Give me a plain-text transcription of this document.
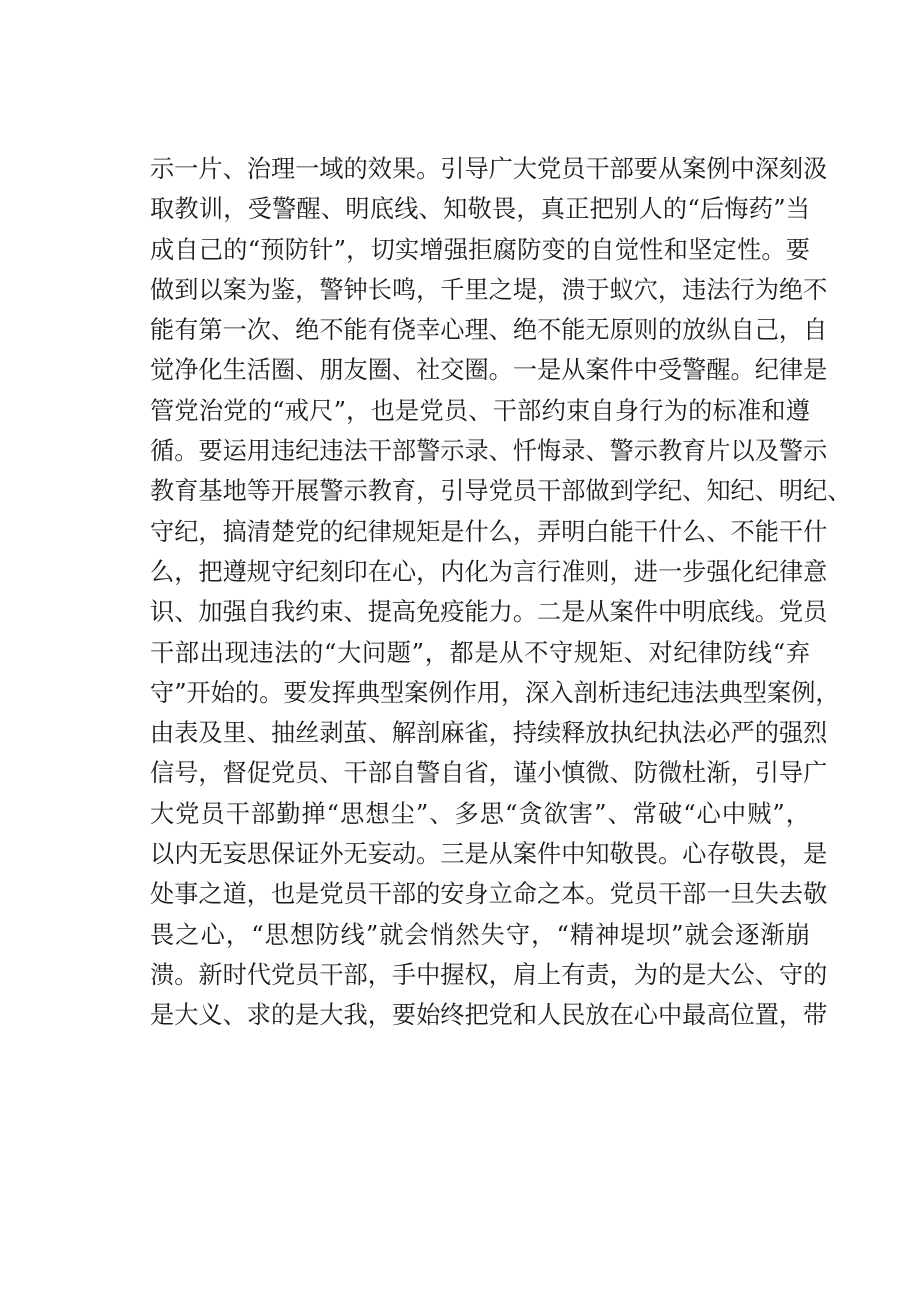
示一片、治理一域的效果。引导广大党员干部要从案例中深刻汲
取教训，受警醒、明底线、知敬畏，真正把别人的“后悔药”当
成自己的“预防针”，切实增强拒腐防变的自觉性和坚定性。要
做到以案为鉴，警钟长鸣，千里之堤，溃于蚁穴，违法行为绝不
能有第一次、绝不能有侥幸心理、绝不能无原则的放纵自己，自
觉净化生活圈、朋友圈、社交圈。一是从案件中受警醒。纪律是
管党治党的“戒尺”，也是党员、干部约束自身行为的标准和遵
循。要运用违纪违法干部警示录、忏悔录、警示教育片以及警示
教育基地等开展警示教育，引导党员干部做到学纪、知纪、明纪、
守纪，搞清楚党的纪律规矩是什么，弄明白能干什么、不能干什
么，把遵规守纪刻印在心，内化为言行准则，进一步强化纪律意
识、加强自我约束、提高免疫能力。二是从案件中明底线。党员
干部出现违法的“大问题”，都是从不守规矩、对纪律防线“弃
守”开始的。要发挥典型案例作用，深入剖析违纪违法典型案例，
由表及里、抽丝剥茧、解剖麻雀，持续释放执纪执法必严的强烈
信号，督促党员、干部自警自省，谨小慎微、防微杜渐，引导广
大党员干部勤掸“思想尘”、多思“贪欲害”、常破“心中贼”，
以内无妄思保证外无妄动。三是从案件中知敬畏。心存敬畏，是
处事之道，也是党员干部的安身立命之本。党员干部一旦失去敬
畏之心，“思想防线”就会悄然失守，“精神堤坝”就会逐渐崩
溃。新时代党员干部，手中握权，肩上有责，为的是大公、守的
是大义、求的是大我，要始终把党和人民放在心中最高位置，带
